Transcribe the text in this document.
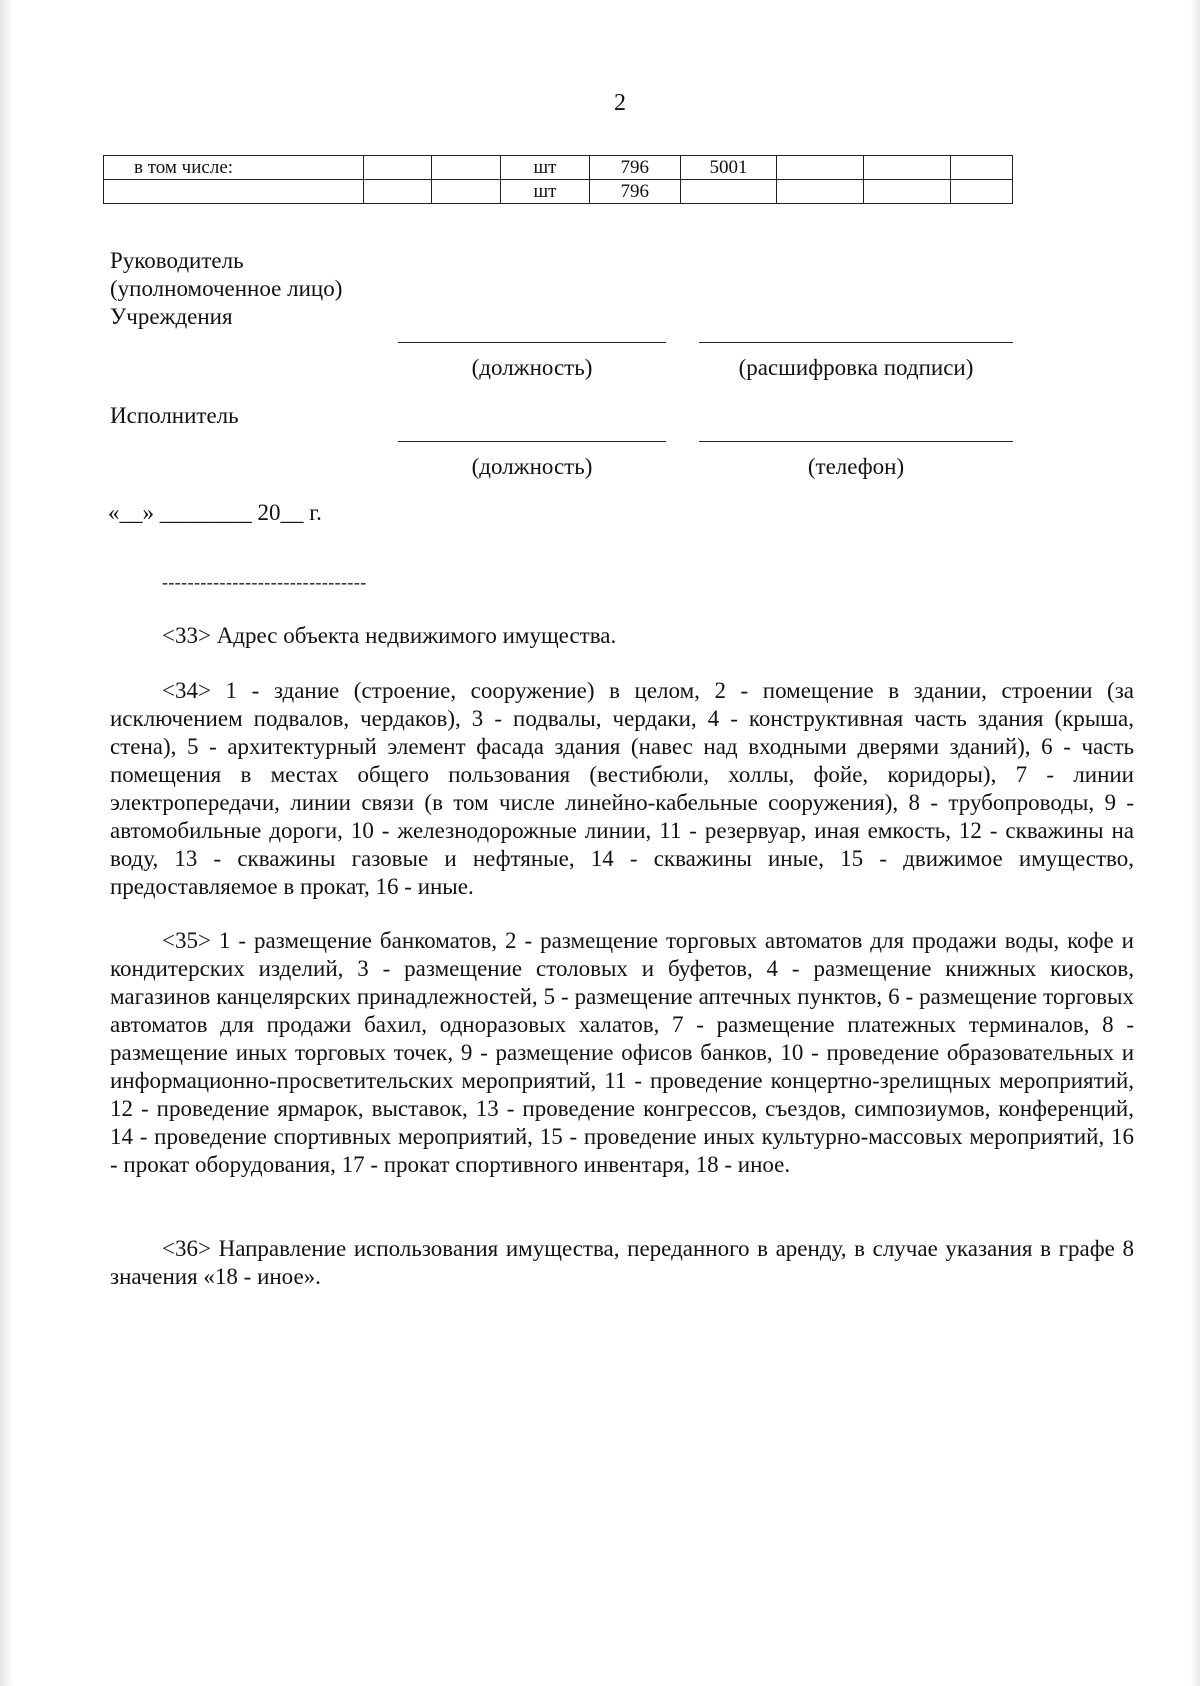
2
в том числе:			шт	796	5001			
			шт	796				
Руководитель
(уполномоченное лицо)
Учреждения
(должность)	(расшифровка подписи)
Исполнитель
(должность)	(телефон)
«__» ________ 20__ г.
--------------------------------

<33> Адрес объекта недвижимого имущества.

<34> 1 - здание (строение, сооружение) в целом, 2 - помещение в здании, строении (за исключением подвалов, чердаков), 3 - подвалы, чердаки, 4 - конструктивная часть здания (крыша, стена), 5 - архитектурный элемент фасада здания (навес над входными дверями зданий), 6 - часть помещения в местах общего пользования (вестибюли, холлы, фойе, коридоры), 7 - линии электропередачи, линии связи (в том числе линейно-кабельные сооружения), 8 - трубопроводы, 9 - автомобильные дороги, 10 - железнодорожные линии, 11 - резервуар, иная емкость, 12 - скважины на воду, 13 - скважины газовые и нефтяные, 14 - скважины иные, 15 - движимое имущество, предоставляемое в прокат, 16 - иные.

<35> 1 - размещение банкоматов, 2 - размещение торговых автоматов для продажи воды, кофе и кондитерских изделий, 3 - размещение столовых и буфетов, 4 - размещение книжных киосков, магазинов канцелярских принадлежностей, 5 - размещение аптечных пунктов, 6 - размещение торговых автоматов для продажи бахил, одноразовых халатов, 7 - размещение платежных терминалов, 8 - размещение иных торговых точек, 9 - размещение офисов банков, 10 - проведение образовательных и информационно-просветительских мероприятий, 11 - проведение концертно-зрелищных мероприятий, 12 - проведение ярмарок, выставок, 13 - проведение конгрессов, съездов, симпозиумов, конференций, 14 - проведение спортивных мероприятий, 15 - проведение иных культурно-массовых мероприятий, 16 - прокат оборудования, 17 - прокат спортивного инвентаря, 18 - иное.

<36> Направление использования имущества, переданного в аренду, в случае указания в графе 8 значения «18 - иное».
